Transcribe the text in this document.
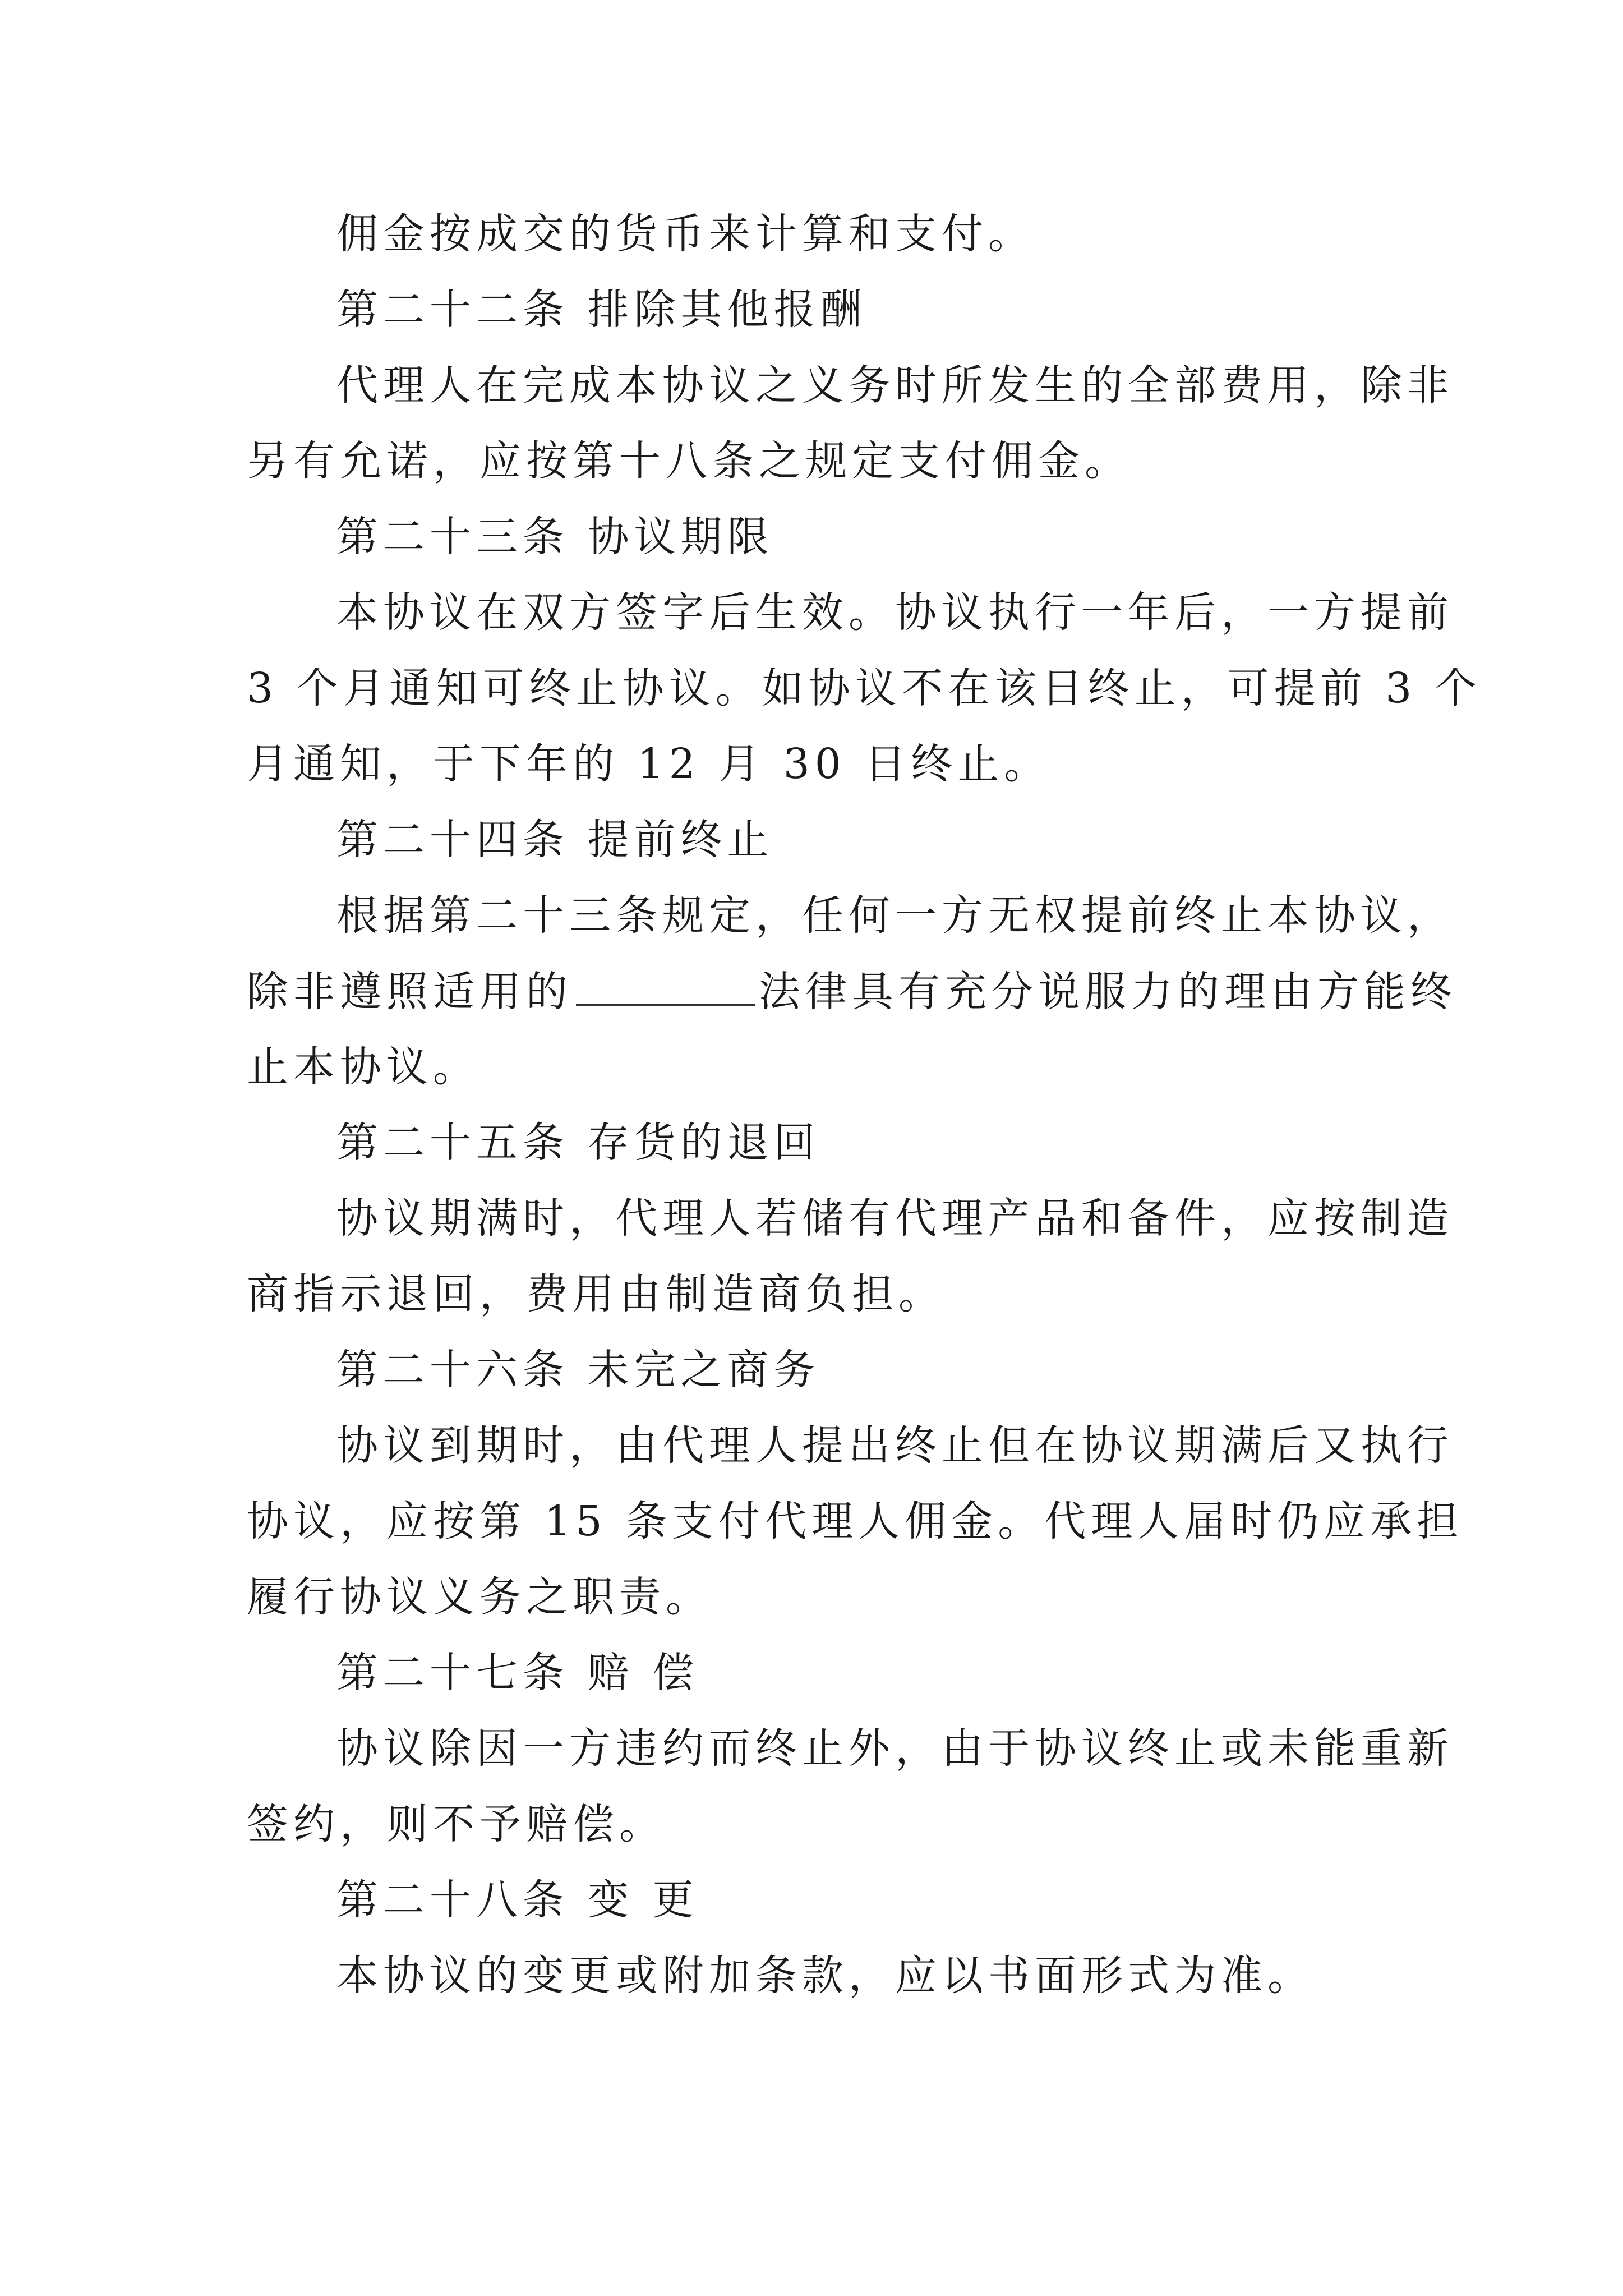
佣金按成交的货币来计算和支付。
第二十二条 排除其他报酬
代理人在完成本协议之义务时所发生的全部费用，除非
另有允诺，应按第十八条之规定支付佣金。
第二十三条 协议期限
本协议在双方签字后生效。协议执行一年后，一方提前
3 个月通知可终止协议。如协议不在该日终止，可提前 3 个
月通知，于下年的 12 月 30 日终止。
第二十四条 提前终止
根据第二十三条规定，任何一方无权提前终止本协议，
除非遵照适用的	法律具有充分说服力的理由方能终
止本协议。
第二十五条 存货的退回
协议期满时，代理人若储有代理产品和备件，应按制造
商指示退回，费用由制造商负担。
第二十六条 未完之商务
协议到期时，由代理人提出终止但在协议期满后又执行
协议，应按第 15 条支付代理人佣金。代理人届时仍应承担
履行协议义务之职责。
第二十七条 赔 偿
协议除因一方违约而终止外，由于协议终止或未能重新
签约，则不予赔偿。
第二十八条 变 更
本协议的变更或附加条款，应以书面形式为准。
